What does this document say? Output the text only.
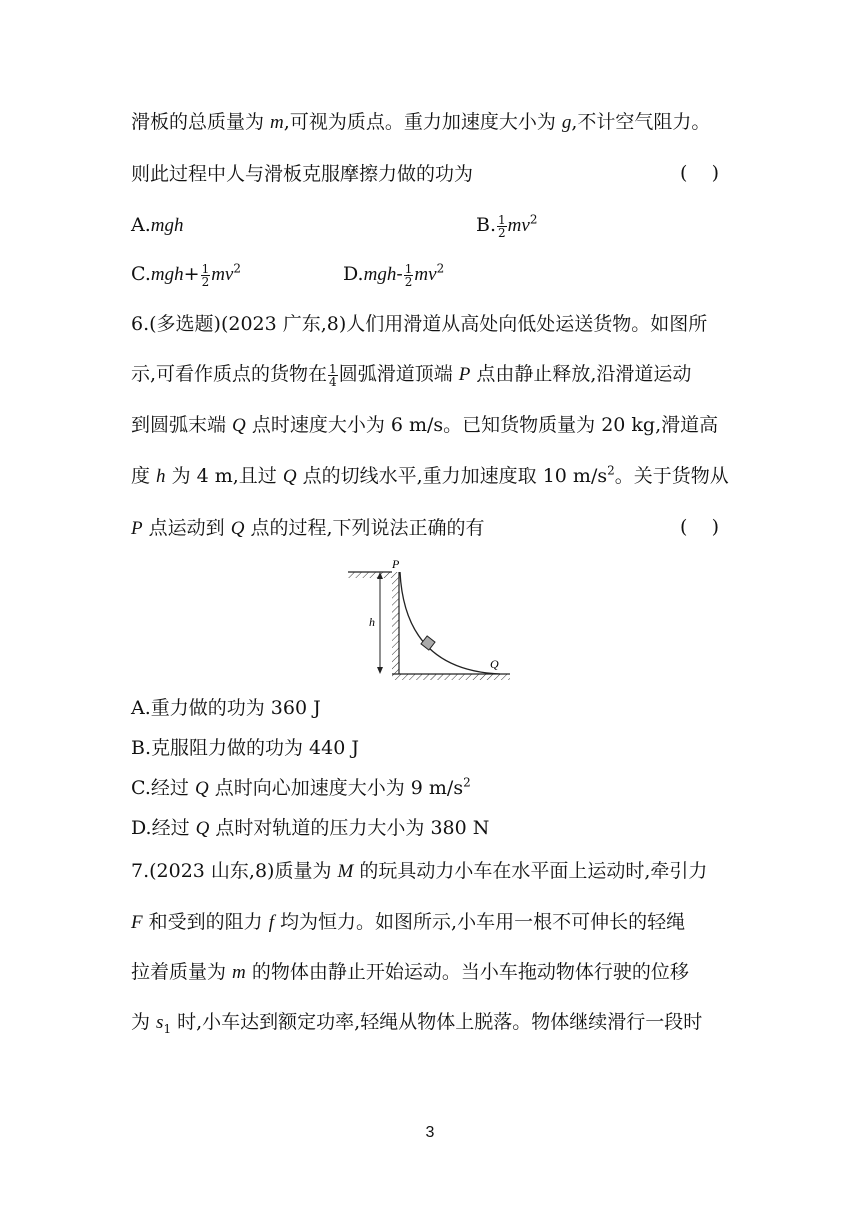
滑板的总质量为 m,可视为质点。重力加速度大小为 g,不计空气阻力。
则此过程中人与滑板克服摩擦力做的功为	(    )
A.mgh	B. $\frac{1}{2} mv^2$
$C.mgh+ \frac{1}{2} mv^2$	$D.mgh- \frac{1}{2} mv^2$
6.(多选题)(2023 广东,8)人们用滑道从高处向低处运送货物。如图所
示,可看作质点的货物在 $\frac{1}{4}$ 圆弧滑道顶端 P 点由静止释放,沿滑道运动
到圆弧末端 Q 点时速度大小为 6 m/s。已知货物质量为 20 kg,滑道高
度 h 为 4 m,且过 Q 点的切线水平,重力加速度取 10 $m/s^2$。关于货物从
P 点运动到 Q 点的过程,下列说法正确的有	(    )
h
P
Q
A.重力做的功为 360 J
B.克服阻力做的功为 440 J
C.经过 Q 点时向心加速度大小为 9 $m/s^2$
D.经过 Q 点时对轨道的压力大小为 380 N
7.(2023 山东,8)质量为 M 的玩具动力小车在水平面上运动时,牵引力
F 和受到的阻力 f 均为恒力。如图所示,小车用一根不可伸长的轻绳
拉着质量为 m 的物体由静止开始运动。当小车拖动物体行驶的位移
为 $s_1$ 时,小车达到额定功率,轻绳从物体上脱落。物体继续滑行一段时
3
